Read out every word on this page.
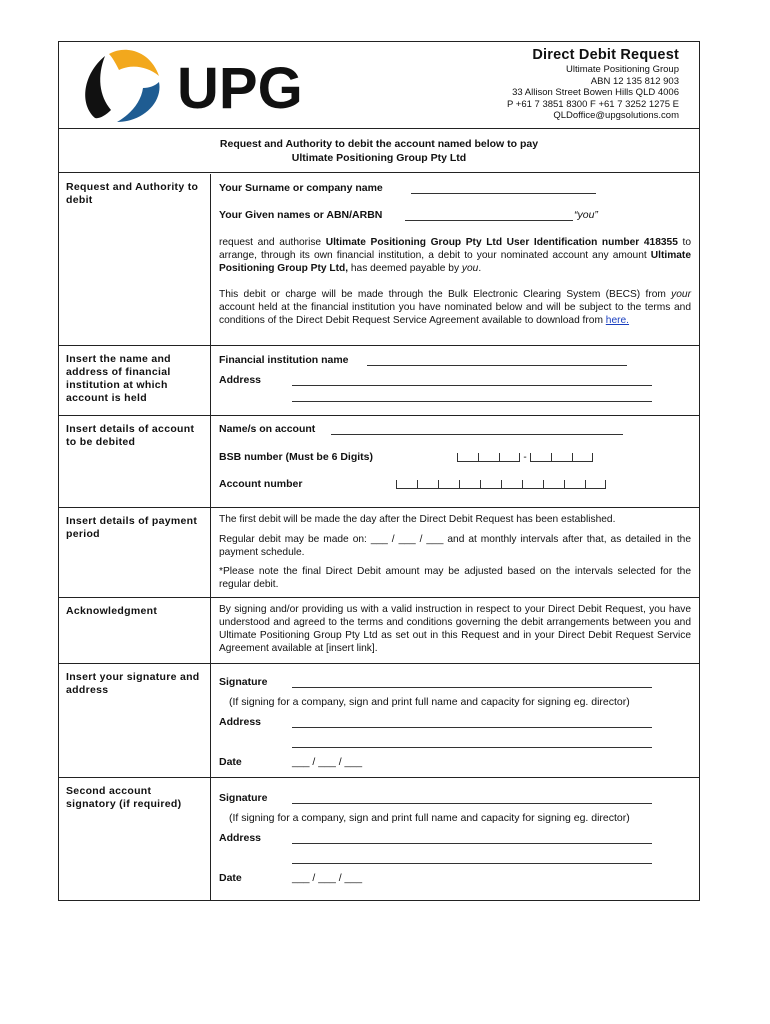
UPG
Direct Debit Request
Ultimate Positioning Group
ABN 12 135 812 903
33 Allison Street Bowen Hills QLD 4006
P +61 7 3851 8300 F +61 7 3252 1275 E
QLDoffice@upgsolutions.com
Request and Authority to debit the account named below to pay
Ultimate Positioning Group Pty Ltd
Request and Authority to debit
Your Surname or company name
Your Given names or ABN/ARBN	“you”
request and authorise Ultimate Positioning Group Pty Ltd User Identification number 418355 to arrange, through its own financial institution, a debit to your nominated account any amount Ultimate Positioning Group Pty Ltd, has deemed payable by you.
This debit or charge will be made through the Bulk Electronic Clearing System (BECS) from your account held at the financial institution you have nominated below and will be subject to the terms and conditions of the Direct Debit Request Service Agreement available to download from here.
Insert the name and address of financial institution at which account is held
Financial institution name
Address
Insert details of account to be debited
Name/s on account
BSB number (Must be 6 Digits)	-
Account number
Insert details of payment period
The first debit will be made the day after the Direct Debit Request has been established.
Regular debit may be made on: ___ / ___ / ___ and at monthly intervals after that, as detailed in the payment schedule.
*Please note the final Direct Debit amount may be adjusted based on the intervals selected for the regular debit.
Acknowledgment	By signing and/or providing us with a valid instruction in respect to your Direct Debit Request, you have understood and agreed to the terms and conditions governing the debit arrangements between you and Ultimate Positioning Group Pty Ltd as set out in this Request and in your Direct Debit Request Service Agreement available at [insert link].
Insert your signature and address
Signature
(If signing for a company, sign and print full name and capacity for signing eg. director)
Address
Date	___ / ___ / ___
Second account signatory (if required)	Signature
(If signing for a company, sign and print full name and capacity for signing eg. director)
Address
Date	___ / ___ / ___
